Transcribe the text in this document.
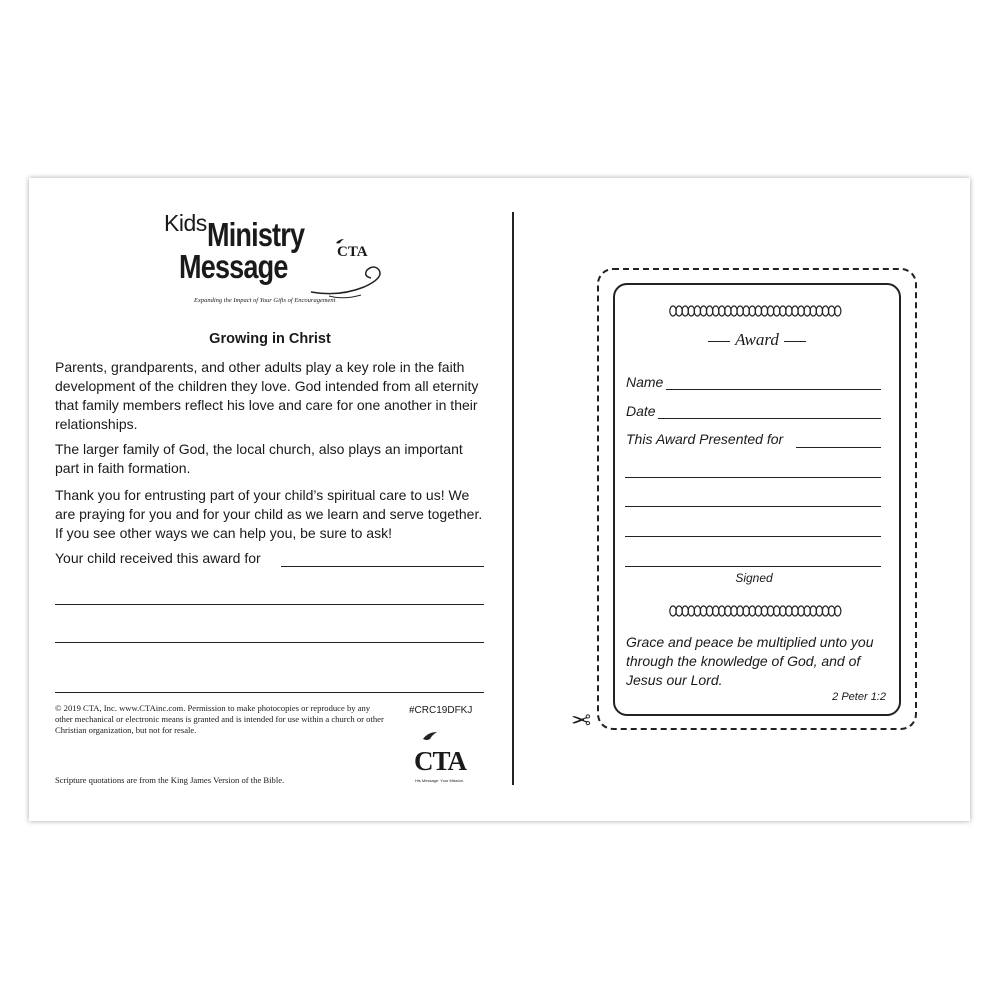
Kids Ministry
Message	CTA
Expanding the Impact of Your Gifts of Encouragement
Growing in Christ

Parents, grandparents, and other adults play a key role in the faith development of the children they love. God intended from all eternity that family members reflect his love and care for one another in their relationships.

The larger family of God, the local church, also plays an important part in faith formation.

Thank you for entrusting part of your child’s spiritual care to us! We are praying for you and for your child as we learn and serve together. If you see other ways we can help you, be sure to ask!

Your child received this award for

© 2019 CTA, Inc. www.CTAinc.com. Permission to make photocopies or reproduce by any other mechanical or electronic means is granted and is intended for use within a church or other Christian organization, but not for resale.

Scripture quotations are from the King James Version of the Bible.

#CRC19DFKJ
CTA
His Message. Your Mission.
✂
Award
Name
Date
This Award Presented for
Signed

Grace and peace be multiplied unto you through the knowledge of God, and of Jesus our Lord.

2 Peter 1:2
